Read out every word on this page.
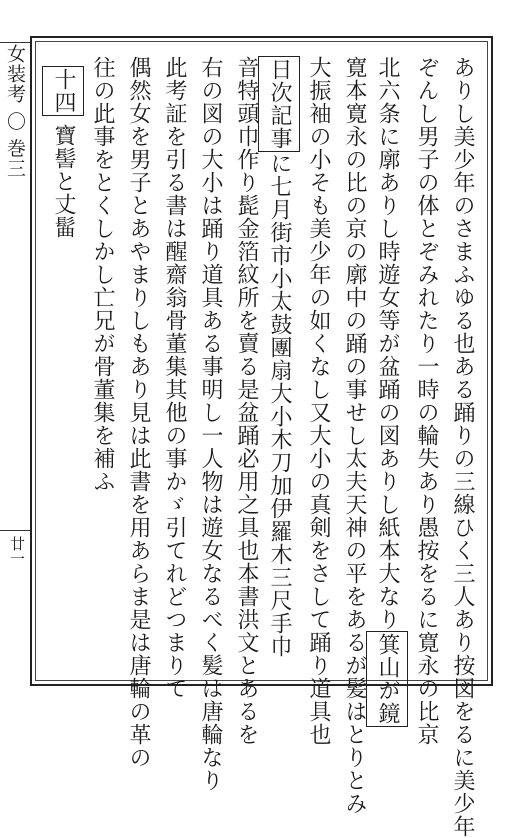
女装考 〇 巻三
廿一	ありし美少年のさまふゆる也ある踊りの三線ひく三人あり按図をるに美少年
ぞんし男子の体とぞみれたり一時の輪失あり愚按をるに寛永の比京
北六条に廓ありし時遊女等が盆踊の図ありし紙本大なり箕山が鏡
寛本寛永の比の京の廓中の踊の事せし太夫天神の平をあるが髪はとりとみ
大振袖の小そも美少年の如くなし又大小の真剣をさして踊り道具也
日次記事に七月街市小太鼓團扇大小木刀加伊羅木三尺手巾
音特頭巾作り髭金箔紋所を賣る是盆踊必用之具也本書洪文とあるを
右の図の大小は踊り道具ある事明し一人物は遊女なるべく髪は唐輪なり
此考証を引る書は醒齋翁骨董集其他の事かゞ引てれどつまりて
偶然女を男子とあやまりしもあり見は此書を用あらま是は唐輪の革の
往の此事をとくしかし亡兄が骨董集を補ふ
十四 寶髻と丈髷
